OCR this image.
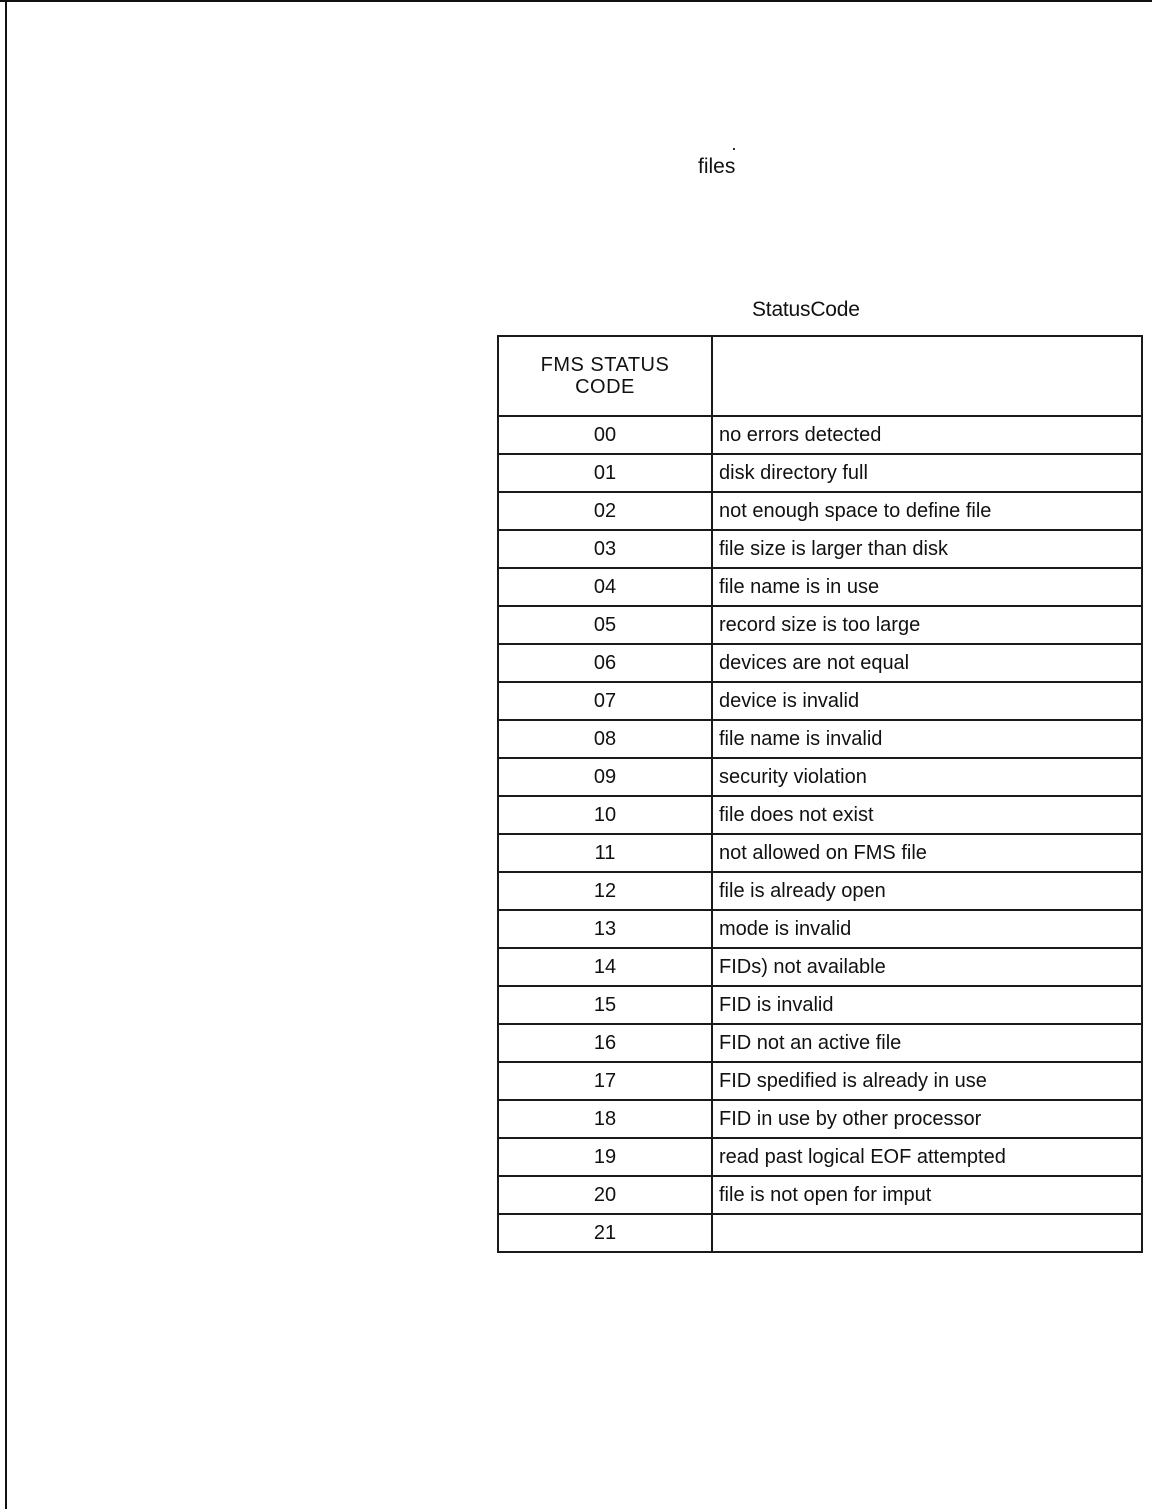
files
StatusCode
FMS STATUS
CODE	
00	no errors detected
01	disk directory full
02	not enough space to define file
03	file size is larger than disk
04	file name is in use
05	record size is too large
06	devices are not equal
07	device is invalid
08	file name is invalid
09	security violation
10	file does not exist
11	not allowed on FMS file
12	file is already open
13	mode is invalid
14	FIDs) not available
15	FID is invalid
16	FID not an active file
17	FID spedified is already in use
18	FID in use by other processor
19	read past logical EOF attempted
20	file is not open for imput
21	
